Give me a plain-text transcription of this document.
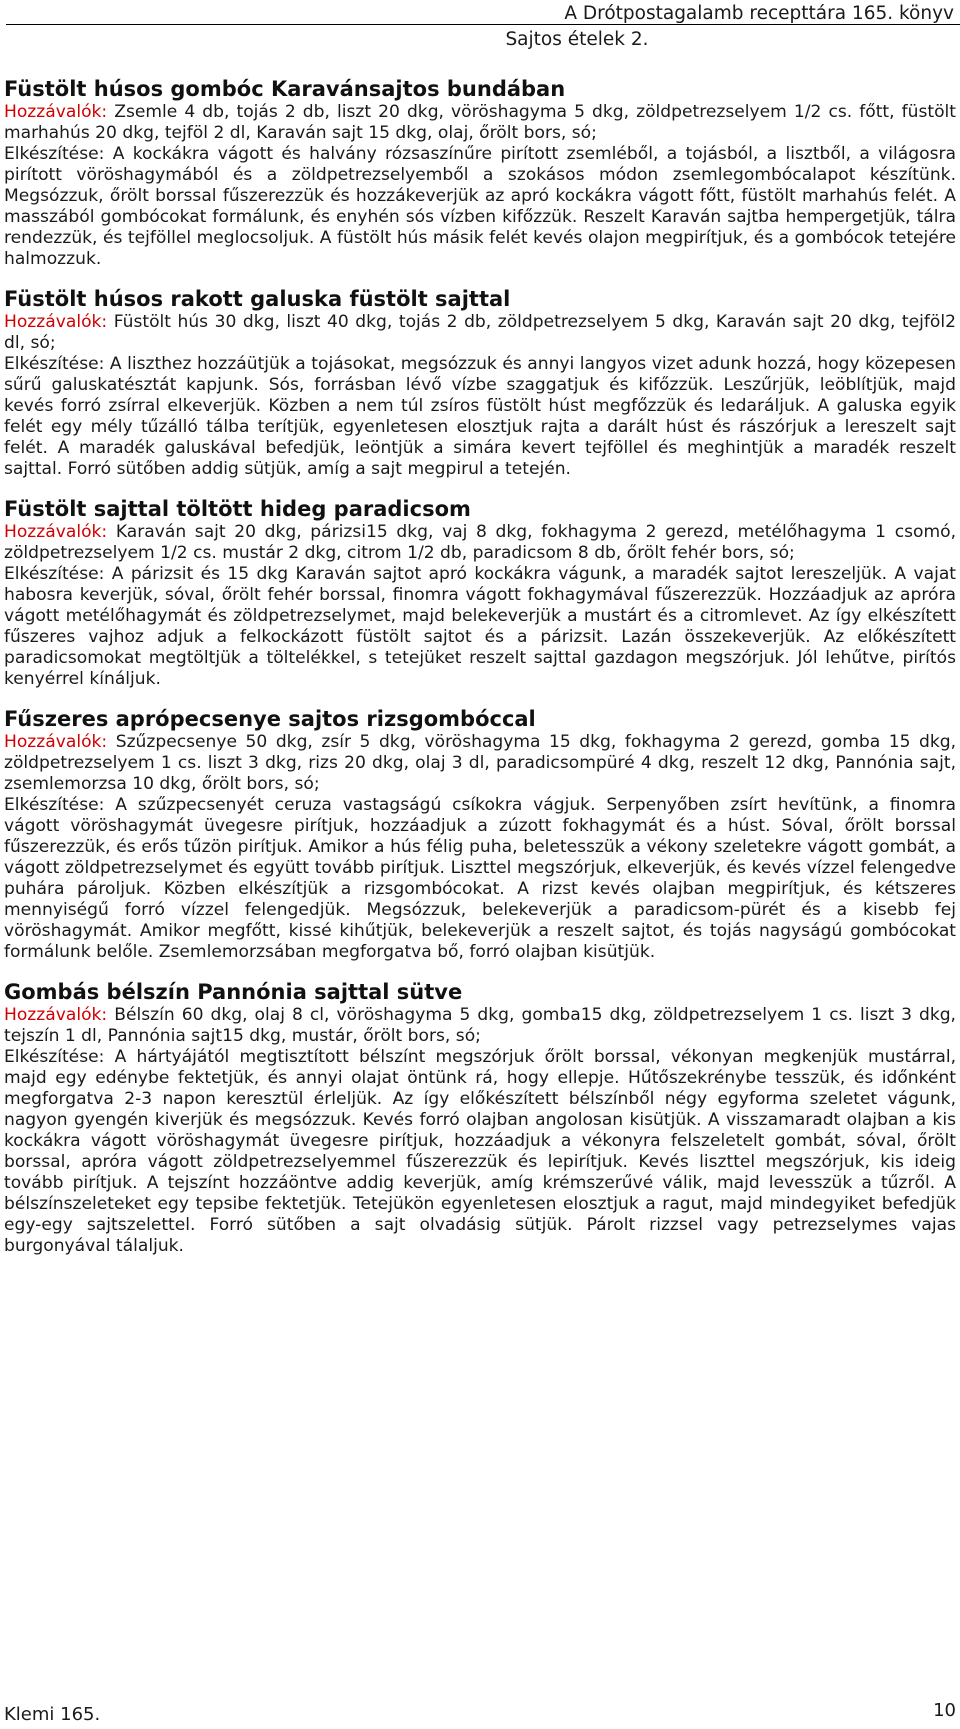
A Drótpostagalamb recepttára 165. könyv
Sajtos ételek 2.
Füstölt húsos gombóc Karavánsajtos bundában

Hozzávalók: Zsemle 4 db, tojás 2 db, liszt 20 dkg, vöröshagyma 5 dkg, zöldpetrezselyem 1/2 cs. főtt, füstölt marhahús 20 dkg, tejföl 2 dl, Karaván sajt 15 dkg, olaj, őrölt bors, só;

Elkészítése: A kockákra vágott és halvány rózsaszínűre pirított zsemléből, a tojásból, a lisztből, a világosra pirított vöröshagymából és a zöldpetrezselyemből a szokásos módon zsemlegombócalapot készítünk. Megsózzuk, őrölt borssal fűszerezzük és hozzákeverjük az apró kockákra vágott főtt, füstölt marhahús felét. A masszából gombócokat formálunk, és enyhén sós vízben kifőzzük. Reszelt Karaván sajtba hempergetjük, tálra rendezzük, és tejföllel meglocsoljuk. A füstölt hús másik felét kevés olajon megpirítjuk, és a gombócok tetejére halmozzuk.

Füstölt húsos rakott galuska füstölt sajttal

Hozzávalók: Füstölt hús 30 dkg, liszt 40 dkg, tojás 2 db, zöldpetrezselyem 5 dkg, Karaván sajt 20 dkg, tejföl2 dl, só;

Elkészítése: A liszthez hozzáütjük a tojásokat, megsózzuk és annyi langyos vizet adunk hozzá, hogy közepesen sűrű galuskatésztát kapjunk. Sós, forrásban lévő vízbe szaggatjuk és kifőzzük. Leszűrjük, leöblítjük, majd kevés forró zsírral elkeverjük. Közben a nem túl zsíros füstölt húst megfőzzük és ledaráljuk. A galuska egyik felét egy mély tűzálló tálba terítjük, egyenletesen elosztjuk rajta a darált húst és rászórjuk a lereszelt sajt felét. A maradék galuskával befedjük, leöntjük a simára kevert tejföllel és meghintjük a maradék reszelt sajttal. Forró sütőben addig sütjük, amíg a sajt megpirul a tetején.

Füstölt sajttal töltött hideg paradicsom

Hozzávalók: Karaván sajt 20 dkg, párizsi15 dkg, vaj 8 dkg, fokhagyma 2 gerezd, metélőhagyma 1 csomó, zöldpetrezselyem 1/2 cs. mustár 2 dkg, citrom 1/2 db, paradicsom 8 db, őrölt fehér bors, só;

Elkészítése: A párizsit és 15 dkg Karaván sajtot apró kockákra vágunk, a maradék sajtot lereszeljük. A vajat habosra keverjük, sóval, őrölt fehér borssal, finomra vágott fokhagymával fűszerezzük. Hozzáadjuk az apróra vágott metélőhagymát és zöldpetrezselymet, majd belekeverjük a mustárt és a citromlevet. Az így elkészített fűszeres vajhoz adjuk a felkockázott füstölt sajtot és a párizsit. Lazán összekeverjük. Az előkészített paradicsomokat megtöltjük a töltelékkel, s tetejüket reszelt sajttal gazdagon megszórjuk. Jól lehűtve, pirítós kenyérrel kínáljuk.

Fűszeres aprópecsenye sajtos rizsgombóccal

Hozzávalók: Szűzpecsenye 50 dkg, zsír 5 dkg, vöröshagyma 15 dkg, fokhagyma 2 gerezd, gomba 15 dkg, zöldpetrezselyem 1 cs. liszt 3 dkg, rizs 20 dkg, olaj 3 dl, paradicsompüré 4 dkg, reszelt 12 dkg, Pannónia sajt, zsemlemorzsa 10 dkg, őrölt bors, só;

Elkészítése: A szűzpecsenyét ceruza vastagságú csíkokra vágjuk. Serpenyőben zsírt hevítünk, a finomra vágott vöröshagymát üvegesre pirítjuk, hozzáadjuk a zúzott fokhagymát és a húst. Sóval, őrölt borssal fűszerezzük, és erős tűzön pirítjuk. Amikor a hús félig puha, beletesszük a vékony szeletekre vágott gombát, a vágott zöldpetrezselymet és együtt tovább pirítjuk. Liszttel megszórjuk, elkeverjük, és kevés vízzel felengedve puhára pároljuk. Közben elkészítjük a rizsgombócokat. A rizst kevés olajban megpirítjuk, és kétszeres mennyiségű forró vízzel felengedjük. Megsózzuk, belekeverjük a paradicsom-pürét és a kisebb fej vöröshagymát. Amikor megfőtt, kissé kihűtjük, belekeverjük a reszelt sajtot, és tojás nagyságú gombócokat formálunk belőle. Zsemlemorzsában megforgatva bő, forró olajban kisütjük.

Gombás bélszín Pannónia sajttal sütve

Hozzávalók: Bélszín 60 dkg, olaj 8 cl, vöröshagyma 5 dkg, gomba15 dkg, zöldpetrezselyem 1 cs. liszt 3 dkg, tejszín 1 dl, Pannónia sajt15 dkg, mustár, őrölt bors, só;

Elkészítése: A hártyájától megtisztított bélszínt megszórjuk őrölt borssal, vékonyan megkenjük mustárral, majd egy edénybe fektetjük, és annyi olajat öntünk rá, hogy ellepje. Hűtőszekrénybe tesszük, és időnként megforgatva 2-3 napon keresztül érleljük. Az így előkészített bélszínből négy egyforma szeletet vágunk, nagyon gyengén kiverjük és megsózzuk. Kevés forró olajban angolosan kisütjük. A visszamaradt olajban a kis kockákra vágott vöröshagymát üvegesre pirítjuk, hozzáadjuk a vékonyra felszeletelt gombát, sóval, őrölt borssal, apróra vágott zöldpetrezselyemmel fűszerezzük és lepirítjuk. Kevés liszttel megszórjuk, kis ideig tovább pirítjuk. A tejszínt hozzáöntve addig keverjük, amíg krémszerűvé válik, majd levesszük a tűzről. A bélszínszeleteket egy tepsibe fektetjük. Tetejükön egyenletesen elosztjuk a ragut, majd mindegyiket befedjük egy-egy sajtszelettel. Forró sütőben a sajt olvadásig sütjük. Párolt rizzsel vagy petrezselymes vajas burgonyával tálaljuk.

Klemi 165.	10
